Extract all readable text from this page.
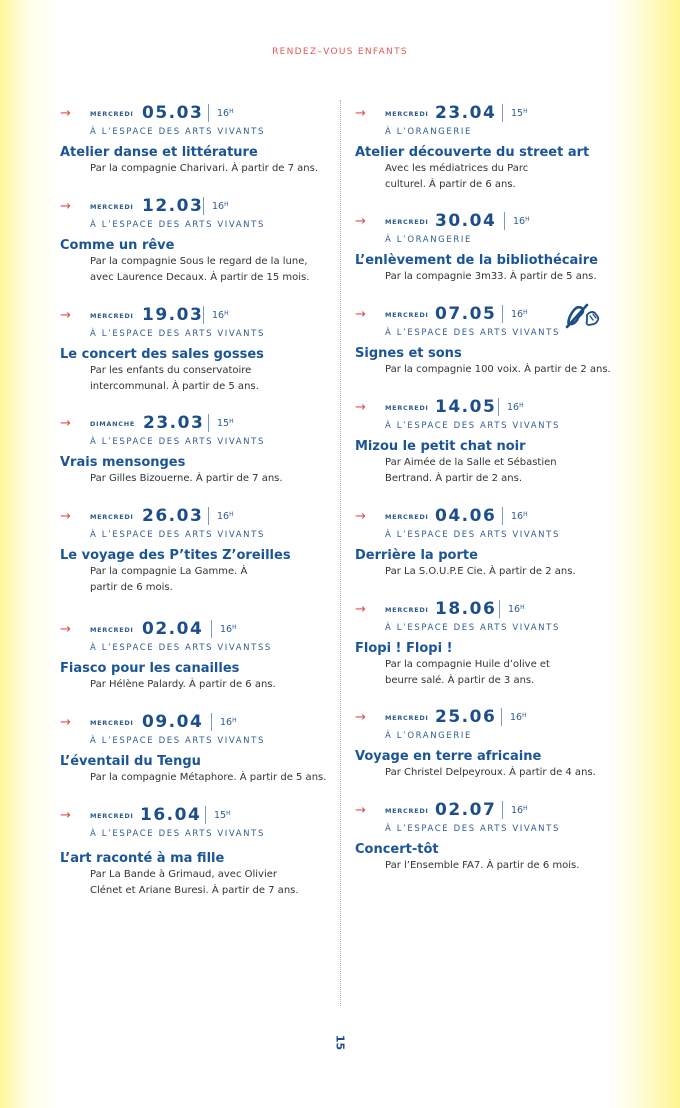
RENDEZ–VOUS ENFANTS
→	MERCREDI 05.03 $16^H$
À L’ESPACE DES ARTS VIVANTS
Atelier danse et littérature
Par la compagnie Charivari. À partir de 7 ans.
→	MERCREDI 12.03 $16^H$
À L’ESPACE DES ARTS VIVANTS
Comme un rêve
Par la compagnie Sous le regard de la lune, avec Laurence Decaux. À partir de 15 mois.
→	MERCREDI 19.03 $16^H$
À L’ESPACE DES ARTS VIVANTS
Le concert des sales gosses
Par les enfants du conservatoire intercommunal. À partir de 5 ans.
→	DIMANCHE 23.03 $15^H$
À L’ESPACE DES ARTS VIVANTS
Vrais mensonges
Par Gilles Bizouerne. À partir de 7 ans.
→	MERCREDI 26.03 $16^H$
À L’ESPACE DES ARTS VIVANTS
Le voyage des P’tites Z’oreilles
Par la compagnie La Gamme. À partir de 6 mois.
→	MERCREDI 02.04 $16^H$
À L’ESPACE DES ARTS VIVANTSS
Fiasco pour les canailles
Par Hélène Palardy. À partir de 6 ans.
→	MERCREDI 09.04 $16^H$
À L’ESPACE DES ARTS VIVANTS
L’éventail du Tengu
Par la compagnie Métaphore. À partir de 5 ans.
→	MERCREDI 16.04 $15^H$
À L’ESPACE DES ARTS VIVANTS
L’art raconté à ma fille
Par La Bande à Grimaud, avec Olivier Clénet et Ariane Buresi. À partir de 7 ans.
→	MERCREDI 23.04 $15^H$
À L’ORANGERIE
Atelier découverte du street art
Avec les médiatrices du Parc culturel. À partir de 6 ans.
→	MERCREDI 30.04 $16^H$
À L’ORANGERIE
L’enlèvement de la bibliothécaire
Par la compagnie 3m33. À partir de 5 ans.
→	MERCREDI 07.05 $16^H$
À L’ESPACE DES ARTS VIVANTS
Signes et sons
Par la compagnie 100 voix. À partir de 2 ans.
→	MERCREDI 14.05 $16^H$
À L’ESPACE DES ARTS VIVANTS
Mizou le petit chat noir
Par Aimée de la Salle et Sébastien Bertrand. À partir de 2 ans.
→	MERCREDI 04.06 $16^H$
À L’ESPACE DES ARTS VIVANTS
Derrière la porte
Par La S.O.U.P.E Cie. À partir de 2 ans.
→	MERCREDI 18.06 $16^H$
À L’ESPACE DES ARTS VIVANTS
Flopi ! Flopi !
Par la compagnie Huile d’olive et beurre salé. À partir de 3 ans.
→	MERCREDI 25.06 $16^H$
À L’ORANGERIE
Voyage en terre africaine
Par Christel Delpeyroux. À partir de 4 ans.
→	MERCREDI 02.07 $16^H$
À L’ESPACE DES ARTS VIVANTS
Concert-tôt
Par l’Ensemble FA7. À partir de 6 mois.
15
